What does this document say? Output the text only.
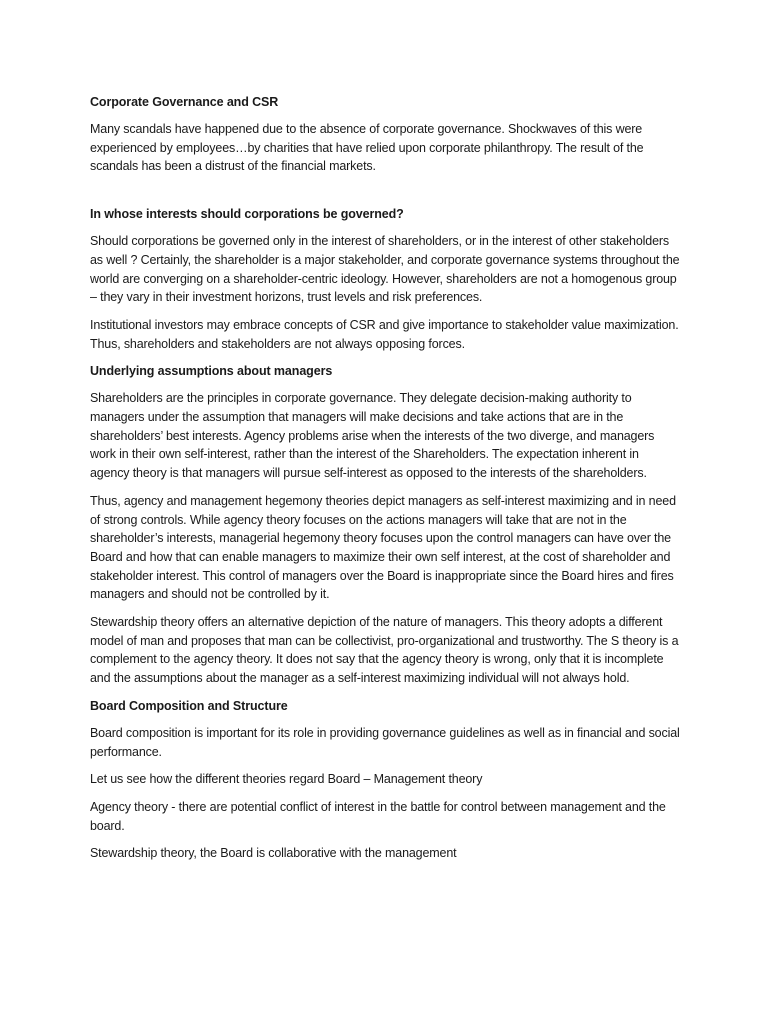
Corporate Governance and CSR

Many scandals have happened due to the absence of corporate governance. Shockwaves of this were experienced by employees…by charities that have relied upon corporate philanthropy. The result of the scandals has been a distrust of the financial markets.

In whose interests should corporations be governed?

Should corporations be governed only in the interest of shareholders, or in the interest of other stakeholders as well ? Certainly, the shareholder is a major stakeholder, and corporate governance systems throughout the world are converging on a shareholder-centric ideology. However, shareholders are not a homogenous group – they vary in their investment horizons, trust levels and risk preferences.

Institutional investors may embrace concepts of CSR and give importance to stakeholder value maximization. Thus, shareholders and stakeholders are not always opposing forces.

Underlying assumptions about managers

Shareholders are the principles in corporate governance. They delegate decision-making authority to managers under the assumption that managers will make decisions and take actions that are in the shareholders’ best interests. Agency problems arise when the interests of the two diverge, and managers work in their own self-interest, rather than the interest of the Shareholders. The expectation inherent in agency theory is that managers will pursue self-interest as opposed to the interests of the shareholders.

Thus, agency and management hegemony theories depict managers as self-interest maximizing and in need of strong controls. While agency theory focuses on the actions managers will take that are not in the shareholder’s interests, managerial hegemony theory focuses upon the control managers can have over the Board and how that can enable managers to maximize their own self interest, at the cost of shareholder and stakeholder interest. This control of managers over the Board is inappropriate since the Board hires and fires managers and should not be controlled by it.

Stewardship theory offers an alternative depiction of the nature of managers. This theory adopts a different model of man and proposes that man can be collectivist, pro-organizational and trustworthy. The S theory is a complement to the agency theory. It does not say that the agency theory is wrong, only that it is incomplete and the assumptions about the manager as a self-interest maximizing individual will not always hold.

Board Composition and Structure

Board composition is important for its role in providing governance guidelines as well as in financial and social performance.

Let us see how the different theories regard Board – Management theory

Agency theory - there are potential conflict of interest in the battle for control between management and the board.

Stewardship theory, the Board is collaborative with the management
